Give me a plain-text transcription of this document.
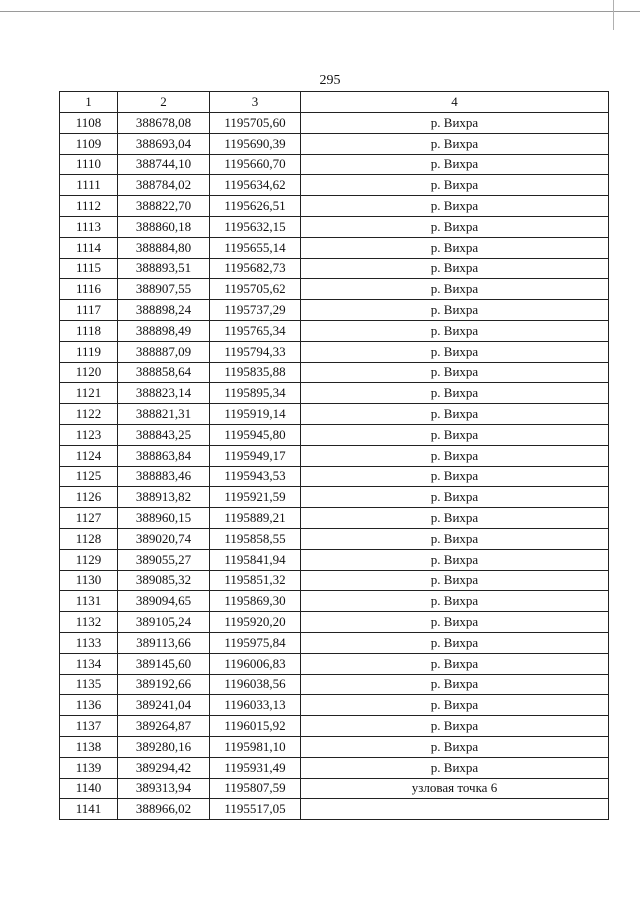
295
1	2	3	4
1108	388678,08	1195705,60	р. Вихра
1109	388693,04	1195690,39	р. Вихра
1110	388744,10	1195660,70	р. Вихра
1111	388784,02	1195634,62	р. Вихра
1112	388822,70	1195626,51	р. Вихра
1113	388860,18	1195632,15	р. Вихра
1114	388884,80	1195655,14	р. Вихра
1115	388893,51	1195682,73	р. Вихра
1116	388907,55	1195705,62	р. Вихра
1117	388898,24	1195737,29	р. Вихра
1118	388898,49	1195765,34	р. Вихра
1119	388887,09	1195794,33	р. Вихра
1120	388858,64	1195835,88	р. Вихра
1121	388823,14	1195895,34	р. Вихра
1122	388821,31	1195919,14	р. Вихра
1123	388843,25	1195945,80	р. Вихра
1124	388863,84	1195949,17	р. Вихра
1125	388883,46	1195943,53	р. Вихра
1126	388913,82	1195921,59	р. Вихра
1127	388960,15	1195889,21	р. Вихра
1128	389020,74	1195858,55	р. Вихра
1129	389055,27	1195841,94	р. Вихра
1130	389085,32	1195851,32	р. Вихра
1131	389094,65	1195869,30	р. Вихра
1132	389105,24	1195920,20	р. Вихра
1133	389113,66	1195975,84	р. Вихра
1134	389145,60	1196006,83	р. Вихра
1135	389192,66	1196038,56	р. Вихра
1136	389241,04	1196033,13	р. Вихра
1137	389264,87	1196015,92	р. Вихра
1138	389280,16	1195981,10	р. Вихра
1139	389294,42	1195931,49	р. Вихра
1140	389313,94	1195807,59	узловая точка 6
1141	388966,02	1195517,05	
